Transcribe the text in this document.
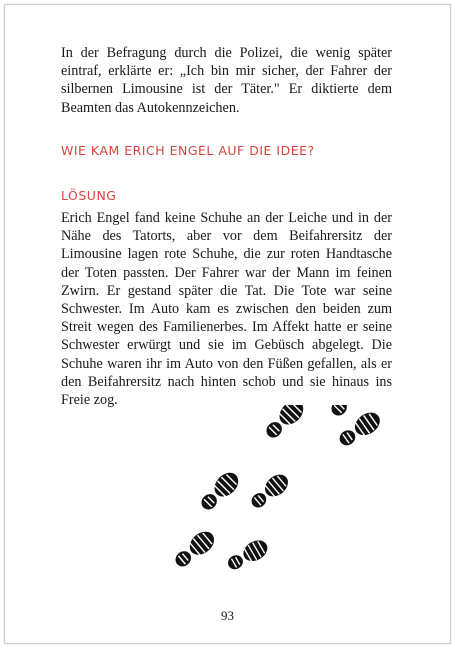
In der Befragung durch die Polizei, die wenig später eintraf, erklärte er: „Ich bin mir sicher, der Fahrer der silbernen Limousine ist der Täter." Er diktierte dem Beamten das Autokennzeichen.

WIE KAM ERICH ENGEL AUF DIE IDEE?
LÖSUNG

Erich Engel fand keine Schuhe an der Leiche und in der Nähe des Tatorts, aber vor dem Beifahrersitz der Limousine lagen rote Schuhe, die zur roten Handtasche der Toten passten. Der Fahrer war der Mann im feinen Zwirn. Er gestand später die Tat. Die Tote war seine Schwester. Im Auto kam es zwischen den beiden zum Streit wegen des Familienerbes. Im Affekt hatte er seine Schwester erwürgt und sie im Gebüsch abgelegt. Die Schuhe waren ihr im Auto von den Füßen gefallen, als er den Beifahrersitz nach hinten schob und sie hinaus ins Freie zog.

93
